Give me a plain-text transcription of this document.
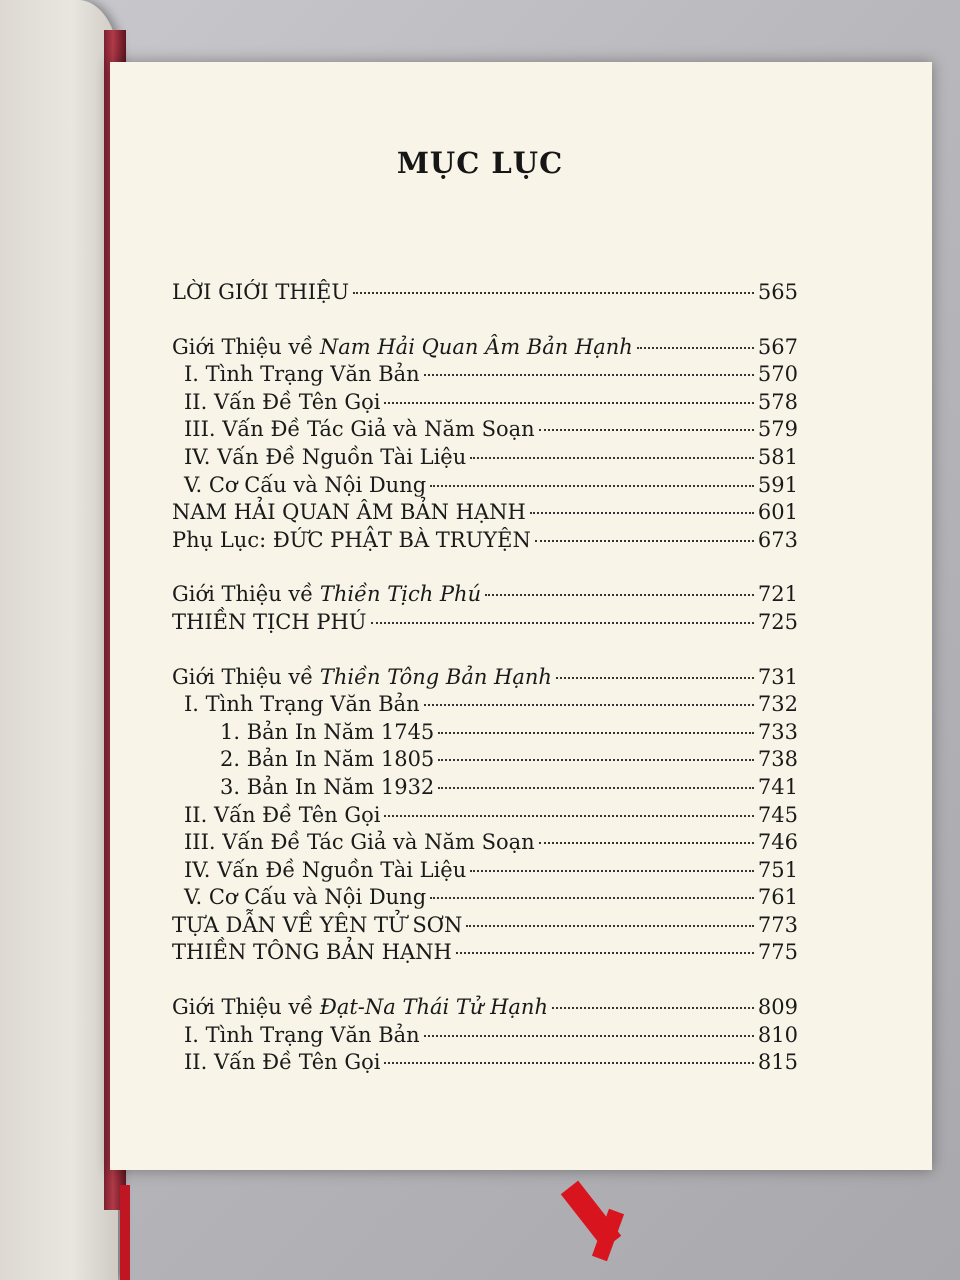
MỤC LỤC
LỜI GIỚI THIỆU	565
Giới Thiệu về Nam Hải Quan Âm Bản Hạnh	567
I. Tình Trạng Văn Bản	570
II. Vấn Đề Tên Gọi	578
III. Vấn Đề Tác Giả và Năm Soạn	579
IV. Vấn Đề Nguồn Tài Liệu	581
V. Cơ Cấu và Nội Dung	591
NAM HẢI QUAN ÂM BẢN HẠNH	601
Phụ Lục: ĐỨC PHẬT BÀ TRUYỆN	673
Giới Thiệu về Thiền Tịch Phú	721
THIỀN TỊCH PHÚ	725
Giới Thiệu về Thiền Tông Bản Hạnh	731
I. Tình Trạng Văn Bản	732
1. Bản In Năm 1745	733
2. Bản In Năm 1805	738
3. Bản In Năm 1932	741
II. Vấn Đề Tên Gọi	745
III. Vấn Đề Tác Giả và Năm Soạn	746
IV. Vấn Đề Nguồn Tài Liệu	751
V. Cơ Cấu và Nội Dung	761
TỰA DẪN VỀ YÊN TỬ SƠN	773
THIỀN TÔNG BẢN HẠNH	775
Giới Thiệu về Đạt-Na Thái Tử Hạnh	809
I. Tình Trạng Văn Bản	810
II. Vấn Đề Tên Gọi	815
